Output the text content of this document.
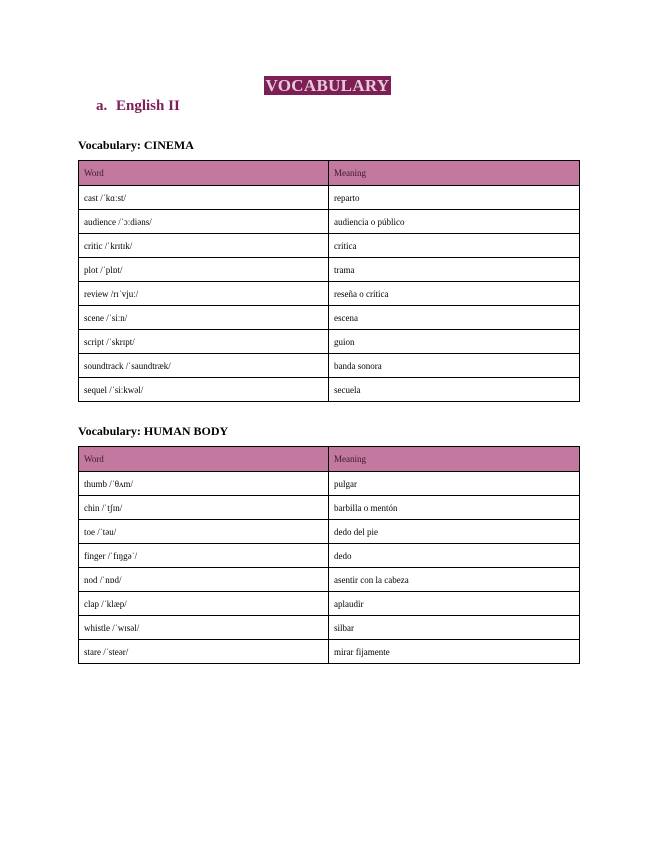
VOCABULARY
a. English II
Vocabulary: CINEMA
Word	Meaning
cast /ˈkɑːst/	reparto
audience /ˈɔːdiəns/	audiencia o público
critic /ˈkrɪtɪk/	crítica
plot /ˈplɒt/	trama
review /rɪˈvjuː/	reseña o crítica
scene /ˈsiːn/	escena
script /ˈskrɪpt/	guion
soundtrack /ˈsaundtræk/	banda sonora
sequel /ˈsiːkwəl/	secuela
Vocabulary: HUMAN BODY
Word	Meaning
thumb /ˈθʌm/	pulgar
chin /ˈtʃɪn/	barbilla o mentón
toe /ˈtəu/	dedo del pie
finger /ˈfɪŋgəˈ/	dedo
nod /ˈnɒd/	asentir con la cabeza
clap /ˈklæp/	aplaudir
whistle /ˈwɪsəl/	silbar
stare /ˈsteər/	mirar fijamente
